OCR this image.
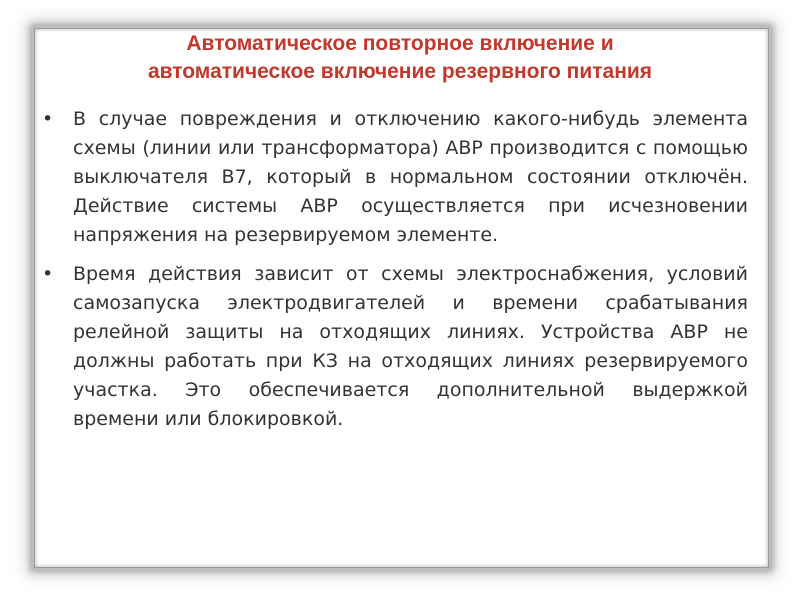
Автоматическое повторное включение и
автоматическое включение резервного питания
• В случае повреждения и отключению какого-нибудь элемента схемы (линии или трансформатора) АВР производится с помощью выключателя В7, который в нормальном состоянии отключён. Действие системы АВР осуществляется при исчезновении напряжения на резервируемом элементе.
• Время действия зависит от схемы электроснабжения, условий самозапуска электродвигателей и времени срабатывания релейной защиты на отходящих линиях. Устройства АВР не должны работать при КЗ на отходящих линиях резервируемого участка. Это обеспечивается дополнительной выдержкой времени или блокировкой.
